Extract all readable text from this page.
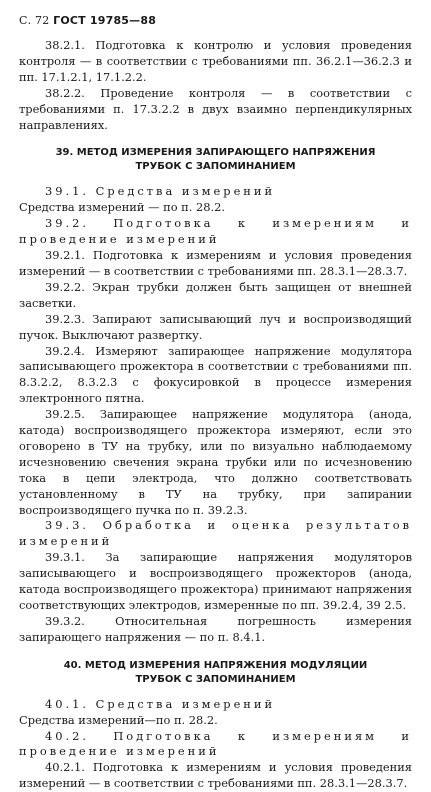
С. 72 ГОСТ 19785—88

38.2.1. Подготовка к контролю и условия проведения контроля — в соответствии с требованиями пп. 36.2.1—36.2.3 и пп. 17.1.2.1, 17.1.2.2.

38.2.2. Проведение контроля — в соответствии с требованиями п. 17.3.2.2 в двух взаимно перпендикулярных направлениях.

39. МЕТОД ИЗМЕРЕНИЯ ЗАПИРАЮЩЕГО НАПРЯЖЕНИЯ

ТРУБОК С ЗАПОМИНАНИЕМ

39.1. Средства измерений

Средства измерений — по п. 28.2.

39.2. Подготовка к измерениям и проведение измерений

39.2.1. Подготовка к измерениям и условия проведения измерений — в соответствии с требованиями пп. 28.3.1—28.3.7.

39.2.2. Экран трубки должен быть защищен от внешней засветки.

39.2.3. Запирают записывающий луч и воспроизводящий пучок. Выключают развертку.

39.2.4. Измеряют запирающее напряжение модулятора записывающего прожектора в соответствии с требованиями пп. 8.3.2.2, 8.3.2.3 с фокусировкой в процессе измерения электронного пятна.

39.2.5. Запирающее напряжение модулятора (анода, катода) воспроизводящего прожектора измеряют, если это оговорено в ТУ на трубку, или по визуально наблюдаемому исчезновению свечения экрана трубки или по исчезновению тока в цепи электрода, что должно соответствовать установленному в ТУ на трубку, при запирании воспроизводящего пучка по п. 39.2.3.

39.3. Обработка и оценка результатов измерений

39.3.1. За запирающие напряжения модуляторов записывающего и воспроизводящего прожекторов (анода, катода воспроизводящего прожектора) принимают напряжения соответствующих электродов, измеренные по пп. 39.2.4, 39 2.5.

39.3.2. Относительная погрешность измерения запирающего напряжения — по п. 8.4.1.

40. МЕТОД ИЗМЕРЕНИЯ НАПРЯЖЕНИЯ МОДУЛЯЦИИ

ТРУБОК С ЗАПОМИНАНИЕМ

40.1. Средства измерений

Средства измерений—по п. 28.2.

40.2. Подготовка к измерениям и проведение измерений

40.2.1. Подготовка к измерениям и условия проведения измерений — в соответствии с требованиями пп. 28.3.1—28.3.7.
